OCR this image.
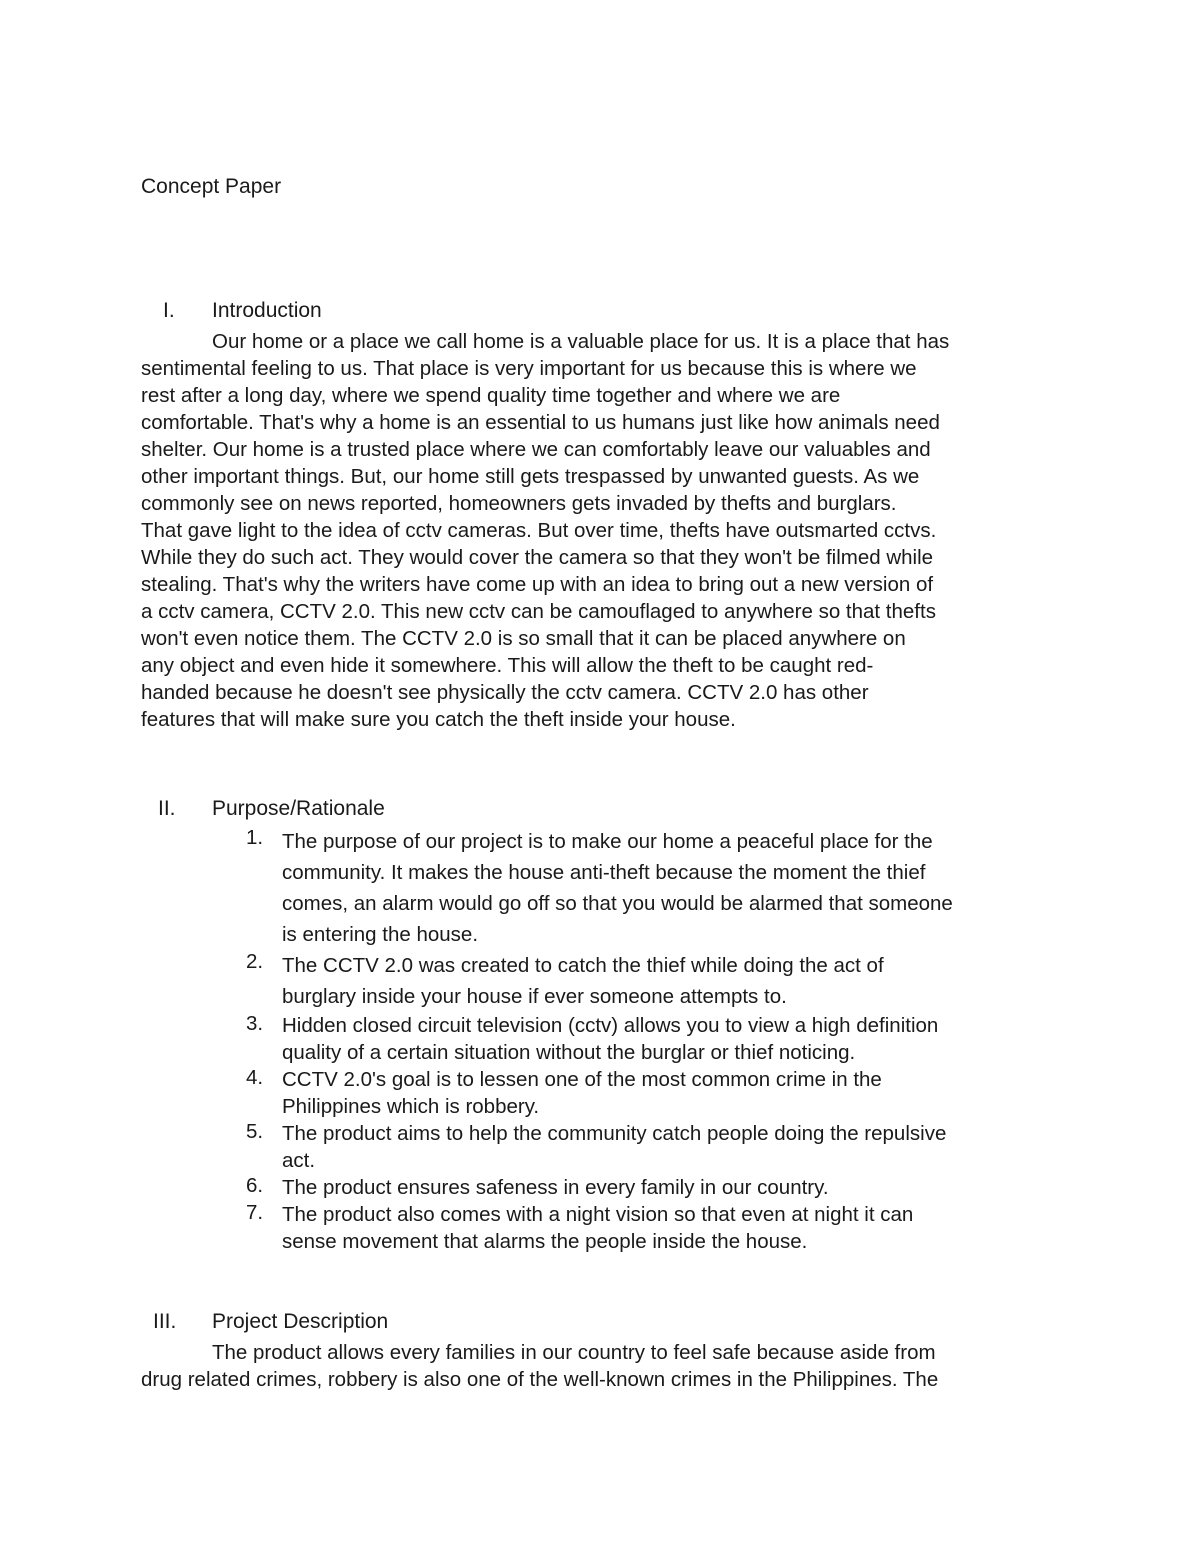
Concept Paper
I. Introduction
Our home or a place we call home is a valuable place for us. It is a place that has
sentimental feeling to us. That place is very important for us because this is where we
rest after a long day, where we spend quality time together and where we are
comfortable. That's why a home is an essential to us humans just like how animals need
shelter. Our home is a trusted place where we can comfortably leave our valuables and
other important things. But, our home still gets trespassed by unwanted guests. As we
commonly see on news reported, homeowners gets invaded by thefts and burglars.
That gave light to the idea of cctv cameras. But over time, thefts have outsmarted cctvs.
While they do such act. They would cover the camera so that they won't be filmed while
stealing. That's why the writers have come up with an idea to bring out a new version of
a cctv camera, CCTV 2.0. This new cctv can be camouflaged to anywhere so that thefts
won't even notice them. The CCTV 2.0 is so small that it can be placed anywhere on
any object and even hide it somewhere. This will allow the theft to be caught red-
handed because he doesn't see physically the cctv camera. CCTV 2.0 has other
features that will make sure you catch the theft inside your house.
II. Purpose/Rationale
1. The purpose of our project is to make our home a peaceful place for the
community. It makes the house anti-theft because the moment the thief
comes, an alarm would go off so that you would be alarmed that someone
is entering the house.
2. The CCTV 2.0 was created to catch the thief while doing the act of
burglary inside your house if ever someone attempts to.
3. Hidden closed circuit television (cctv) allows you to view a high definition
quality of a certain situation without the burglar or thief noticing.
4. CCTV 2.0's goal is to lessen one of the most common crime in the
Philippines which is robbery.
5. The product aims to help the community catch people doing the repulsive
act.
6. The product ensures safeness in every family in our country.
7. The product also comes with a night vision so that even at night it can
sense movement that alarms the people inside the house.
III. Project Description
The product allows every families in our country to feel safe because aside from
drug related crimes, robbery is also one of the well-known crimes in the Philippines. The
